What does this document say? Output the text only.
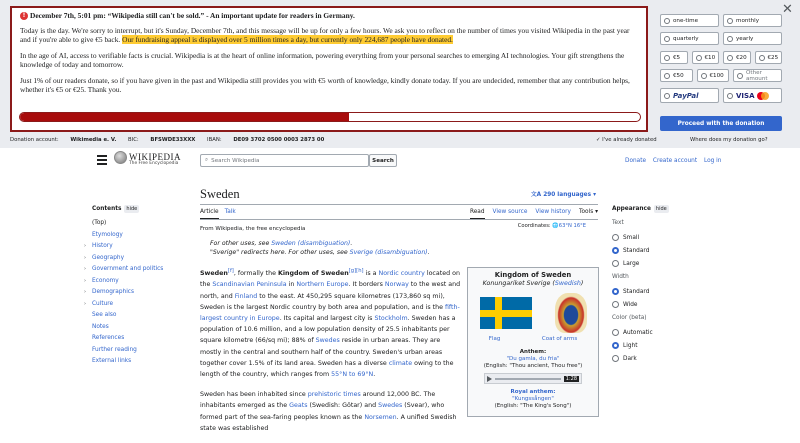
! December 7th, 5:01 pm: “Wikipedia still can't be sold.” - An important update for readers in Germany.

Today is the day. We're sorry to interrupt, but it's Sunday, December 7th, and this message will be up for only a few hours. We ask you to reflect on the number of times you visited Wikipedia in the past year and if you're able to give €5 back. Our fundraising appeal is displayed over 5 million times a day, but currently only 224,687 people have donated.

In the age of AI, access to verifiable facts is crucial. Wikipedia is at the heart of online information, powering everything from your personal searches to emerging AI technologies. Your gift strengthens the knowledge of today and tomorrow.

Just 1% of our readers donate, so if you have given in the past and Wikipedia still provides you with €5 worth of knowledge, kindly donate today. If you are undecided, remember that any contribution helps, whether it's €5 or €25. Thank you.

Donation account: Wikimedia e. V. BIC: BFSWDE33XXX IBAN: DE09 3702 0500 0003 2873 00	✓ I've already donated	Where does my donation go?
one-time	monthly
quarterly	yearly
€5	€10	€20	€25
€50	€100	Other amount
PayPal	VISA
Proceed with the donation
✕
WIKIPEDIA
The Free Encyclopedia
⌕ Search Wikipedia	Search	Donate Create account Log in
Contents hide
(Top)
Etymology
› History
› Geography
› Government and politics
› Economy
› Demographics
› Culture
See also
Notes
References
Further reading
External links
Sweden	文A 290 languages ▾
Article Talk	Read View source View history Tools ▾
From Wikipedia, the free encyclopedia	Coordinates: 🌐63°N 16°E
For other uses, see Sweden (disambiguation).
"Sverige" redirects here. For other uses, see Sverige (disambiguation).

Sweden[f], formally the Kingdom of Sweden[g][h] is a Nordic country located on the Scandinavian Peninsula in Northern Europe. It borders Norway to the west and north, and Finland to the east. At 450,295 square kilometres (173,860 sq mi), Sweden is the largest Nordic country by both area and population, and is the fifth-largest country in Europe. Its capital and largest city is Stockholm. Sweden has a population of 10.6 million, and a low population density of 25.5 inhabitants per square kilometre (66/sq mi); 88% of Swedes reside in urban areas. They are mostly in the central and southern half of the country. Sweden's urban areas together cover 1.5% of its land area. Sweden has a diverse climate owing to the length of the country, which ranges from 55°N to 69°N.

Sweden has been inhabited since prehistoric times around 12,000 BC. The inhabitants emerged as the Geats (Swedish: Götar) and Swedes (Svear), who formed part of the sea-faring peoples known as the Norsemen. A unified Swedish state was established

Kingdom of Sweden
Konungariket Sverige (Swedish)
Flag	Coat of arms
Anthem:
"Du gamla, du fria"
(English: "Thou ancient, Thou free")
1:28
Royal anthem:
"Kungssången"
(English: "The King's Song")
Appearance hide
Text
Small
Standard
Large
Width
Standard
Wide
Color (beta)
Automatic
Light
Dark
